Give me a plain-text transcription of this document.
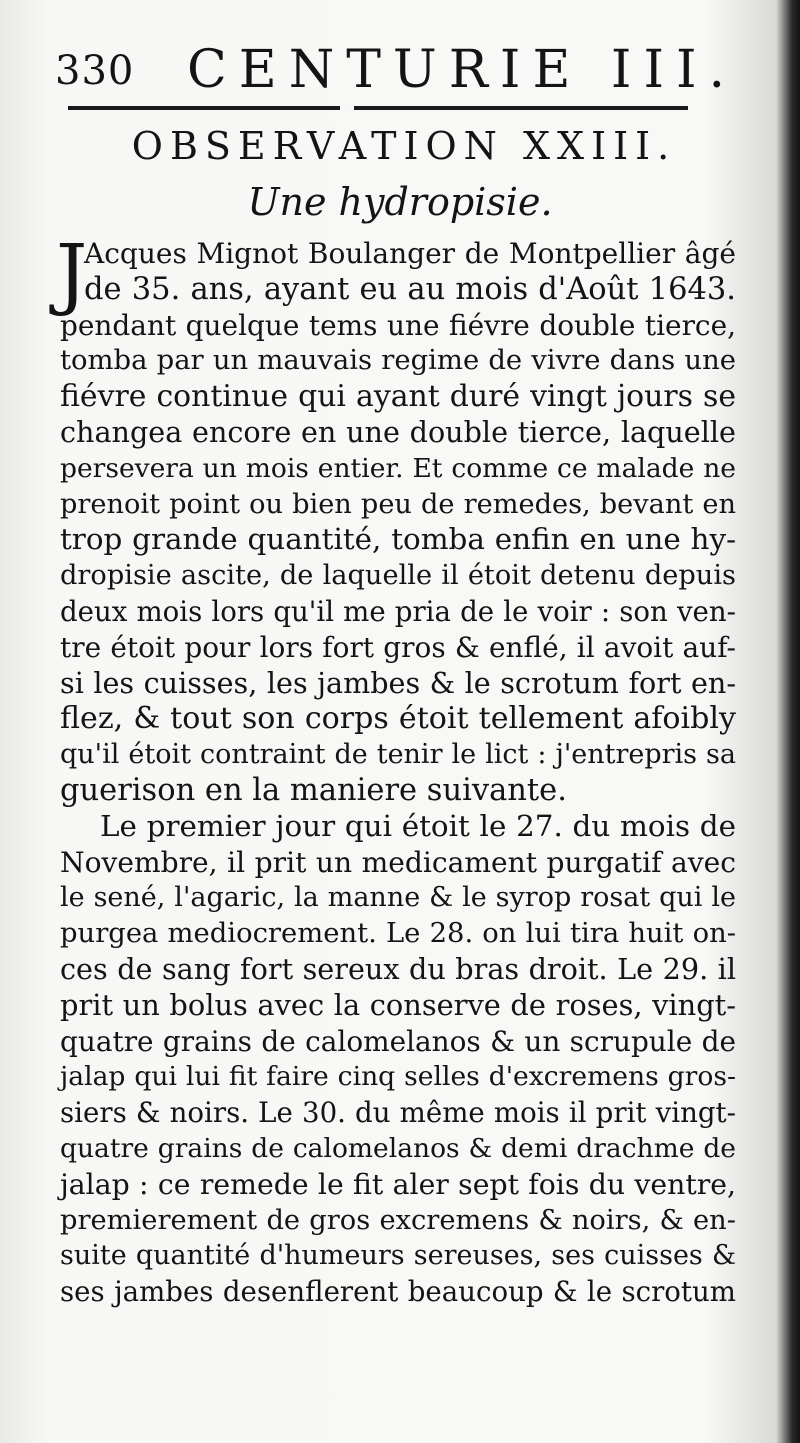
330 CENTURIE III.
OBSERVATION XXIII.
Une hydropisie.
J
Acques Mignot Boulanger de Montpellier âgé
de 35. ans, ayant eu au mois d'Août 1643.
pendant quelque tems une fiévre double tierce,
tomba par un mauvais regime de vivre dans une
fiévre continue qui ayant duré vingt jours se
changea encore en une double tierce, laquelle
persevera un mois entier. Et comme ce malade ne
prenoit point ou bien peu de remedes, bevant en
trop grande quantité, tomba enfin en une hy-
dropisie ascite, de laquelle il étoit detenu depuis
deux mois lors qu'il me pria de le voir : son ven-
tre étoit pour lors fort gros & enflé, il avoit auf-
si les cuisses, les jambes & le scrotum fort en-
flez, & tout son corps étoit tellement afoibly
qu'il étoit contraint de tenir le lict : j'entrepris sa
guerison en la maniere suivante.
Le premier jour qui étoit le 27. du mois de
Novembre, il prit un medicament purgatif avec
le sené, l'agaric, la manne & le syrop rosat qui le
purgea mediocrement. Le 28. on lui tira huit on-
ces de sang fort sereux du bras droit. Le 29. il
prit un bolus avec la conserve de roses, vingt-
quatre grains de calomelanos & un scrupule de
jalap qui lui fit faire cinq selles d'excremens gros-
siers & noirs. Le 30. du même mois il prit vingt-
quatre grains de calomelanos & demi drachme de
jalap : ce remede le fit aler sept fois du ventre,
premierement de gros excremens & noirs, & en-
suite quantité d'humeurs sereuses, ses cuisses &
ses jambes desenflerent beaucoup & le scrotum
